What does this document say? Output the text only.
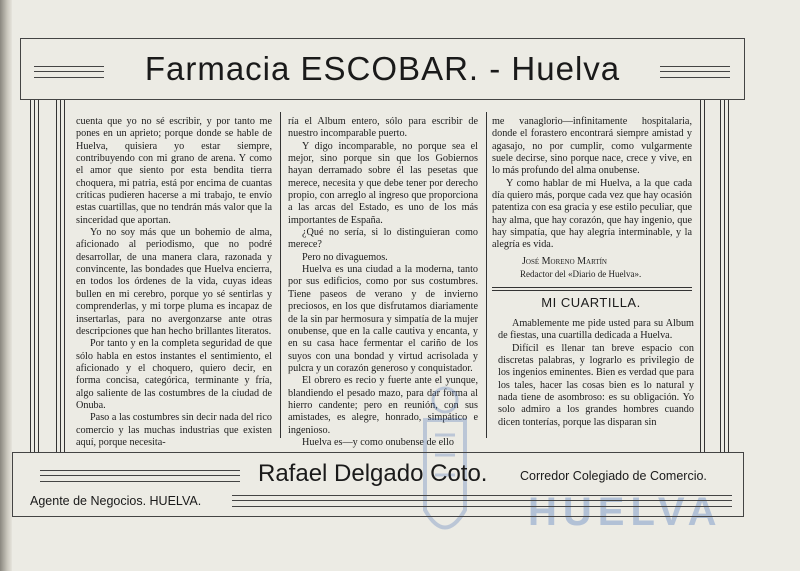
Farmacia ESCOBAR. - Huelva

cuenta que yo no sé escribir, y por tanto me pones en un aprieto; porque donde se hable de Huelva, quisiera yo estar siempre, contribuyendo con mi grano de arena. Y como el amor que siento por esta bendita tierra choquera, mi patria, está por encima de cuantas críticas pudieren hacerse a mi trabajo, te envío estas cuartillas, que no tendrán más valor que la sinceridad que aportan.

Yo no soy más que un bohemio de alma, aficionado al periodismo, que no podré desarrollar, de una manera clara, razonada y convincente, las bondades que Huelva encierra, en todos los órdenes de la vida, cuyas ideas bullen en mi cerebro, porque yo sé sentirlas y comprenderlas, y mi torpe pluma es incapaz de insertarlas, para no avergonzarse ante otras descripciones que han hecho brillantes literatos.

Por tanto y en la completa seguridad de que sólo habla en estos instantes el sentimiento, el aficionado y el choquero, quiero decir, en forma concisa, categórica, terminante y fría, algo saliente de las costumbres de la ciudad de Onuba.

Paso a las costumbres sin decir nada del rico comercio y las muchas industrias que existen aquí, porque necesita-

ría el Album entero, sólo para escribir de nuestro incomparable puerto.

Y digo incomparable, no porque sea el mejor, sino porque sin que los Gobiernos hayan derramado sobre él las pesetas que merece, necesita y que debe tener por derecho propio, con arreglo al ingreso que proporciona a las arcas del Estado, es uno de los más importantes de España.

¿Qué no sería, si lo distinguieran como merece?

Pero no divaguemos.

Huelva es una ciudad a la moderna, tanto por sus edificios, como por sus costumbres. Tiene paseos de verano y de invierno preciosos, en los que disfrutamos diariamente de la sin par hermosura y simpatía de la mujer onubense, que en la calle cautiva y encanta, y en su casa hace fermentar el cariño de los suyos con una bondad y virtud acrisolada y pulcra y un corazón generoso y conquistador.

El obrero es recio y fuerte ante el yunque, blandiendo el pesado mazo, para dar forma al hierro candente; pero en reunión, con sus amistades, es alegre, honrado, simpático e ingenioso.

Huelva es—y como onubense de ello

me vanaglorio—infinitamente hospitalaria, donde el forastero encontrará siempre amistad y agasajo, no por cumplir, como vulgarmente suele decirse, sino porque nace, crece y vive, en lo más profundo del alma onubense.

Y como hablar de mi Huelva, a la que cada día quiero más, porque cada vez que hay ocasión patentiza con esa gracia y ese estilo peculiar, que hay alma, que hay corazón, que hay ingenio, que hay simpatía, que hay alegría interminable, y la alegría es vida.

José Moreno Martín
Redactor del «Diario de Huelva».
MI CUARTILLA.

Amablemente me pide usted para su Album de fiestas, una cuartilla dedicada a Huelva.

Difícil es llenar tan breve espacio con discretas palabras, y lograrlo es privilegio de los ingenios eminentes. Bien es verdad que para los tales, hacer las cosas bien es lo natural y nada tiene de asombroso: es su obligación. Yo solo admiro a los grandes hombres cuando dicen tonterías, porque las disparan sin

HUELVA
Rafael Delgado Coto.	Corredor Colegiado de Comercio.
Agente de Negocios. HUELVA.
